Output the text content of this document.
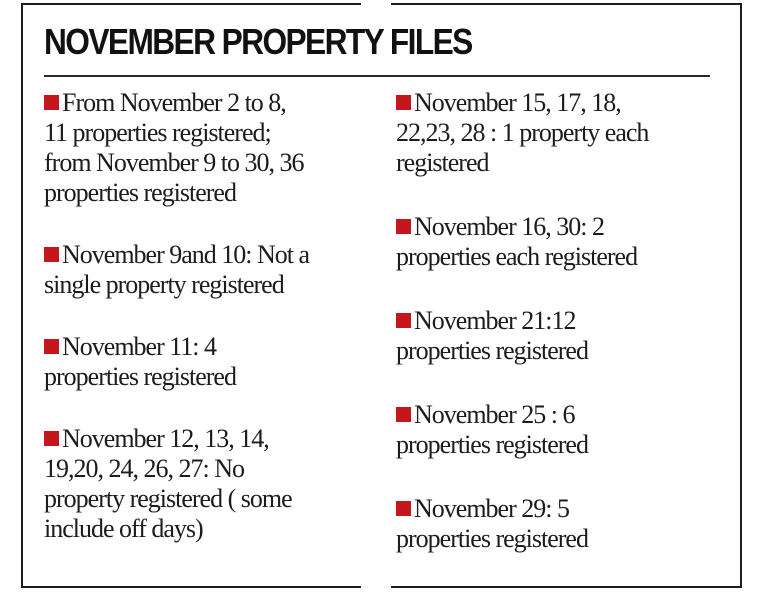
NOVEMBER PROPERTY FILES

From November 2 to 8,
11 properties registered;
from November 9 to 30, 36
properties registered

November 9and 10: Not a
single property registered

November 11: 4
properties registered

November 12, 13, 14,
19,20, 24, 26, 27: No
property registered ( some
include off days)

November 15, 17, 18,
22,23, 28 : 1 property each
registered

November 16, 30: 2
properties each registered

November 21:12
properties registered

November 25 : 6
properties registered

November 29: 5
properties registered
